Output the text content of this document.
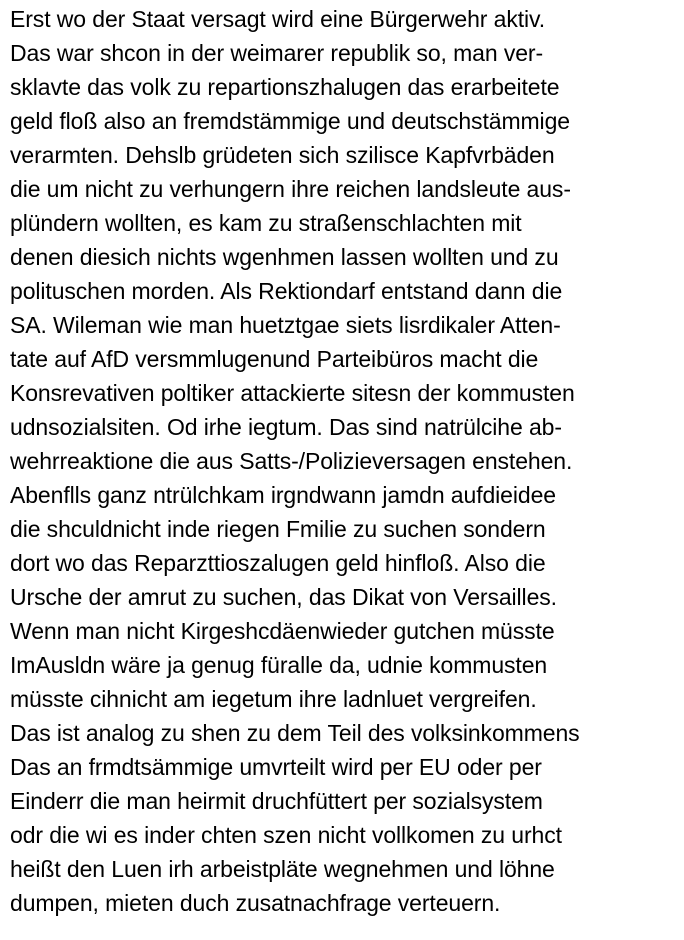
Erst wo der Staat versagt wird eine Bürgerwehr aktiv.
Das war shcon in der weimarer republik so, man ver-
sklavte das volk zu repartionszhalugen das erarbeitete
geld floß also an fremdstämmige und deutschstämmige
verarmten. Dehslb grüdeten sich szilisce Kapfvrbäden
die um nicht zu verhungern ihre reichen landsleute aus-
plündern wollten, es kam zu straßenschlachten mit
denen diesich nichts wgenhmen lassen wollten und zu
polituschen morden. Als Rektiondarf entstand dann die
SA. Wileman wie man huetztgae siets lisrdikaler Atten-
tate auf AfD versmmlugenund Parteibüros macht die
Konsrevativen poltiker attackierte sitesn der kommusten
udnsozialsiten. Od irhe iegtum. Das sind natrülcihe ab-
wehrreaktione die aus Satts-/Polizieversagen enstehen.
Abenflls ganz ntrülchkam irgndwann jamdn aufdieidee
die shculdnicht inde riegen Fmilie zu suchen sondern
dort wo das Reparzttioszalugen geld hinfloß. Also die
Ursche der amrut zu suchen, das Dikat von Versailles.
Wenn man nicht Kirgeshcdäenwieder gutchen müsste
ImAusldn wäre ja genug füralle da, udnie kommusten
müsste cihnicht am iegetum ihre ladnluet vergreifen.
Das ist analog zu shen zu dem Teil des volksinkommens
Das an frmdtsämmige umvrteilt wird per EU oder per
Einderr die man heirmit druchfüttert per sozialsystem
odr die wi es inder chten szen nicht vollkomen zu urhct
heißt den Luen irh arbeistpläte wegnehmen und löhne
dumpen, mieten duch zusatnachfrage verteuern.
